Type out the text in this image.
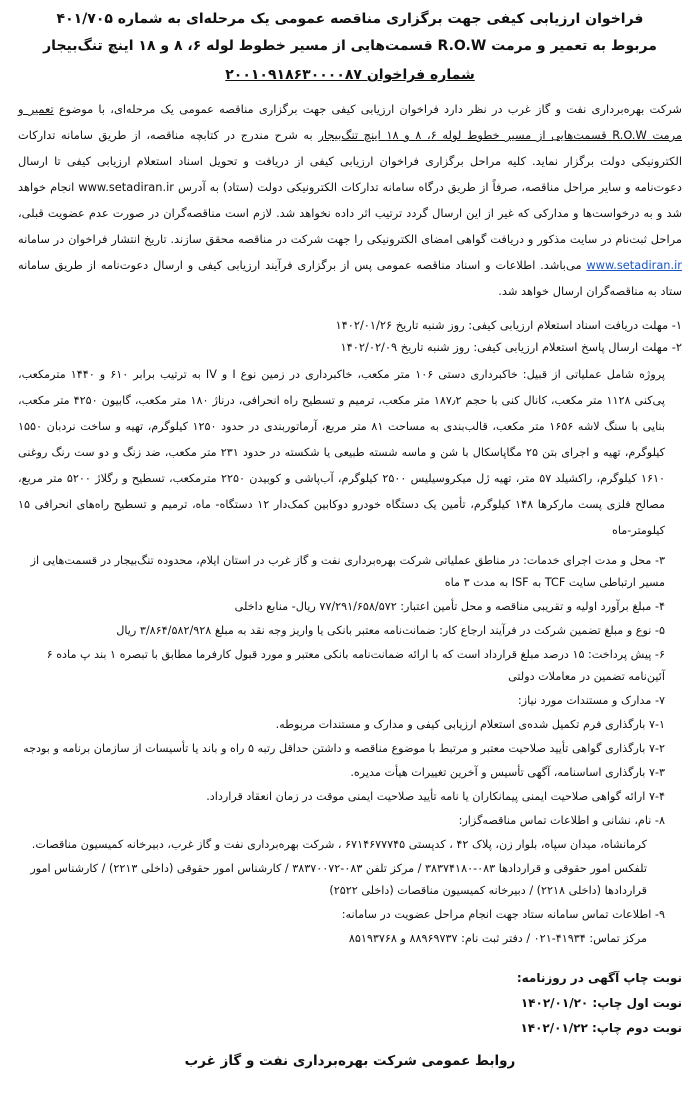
فراخوان ارزیابی کیفی جهت برگزاری مناقصه عمومی یک مرحله‌ای به شماره ۴۰۱/۷۰۵
مربوط به تعمیر و مرمت R.O.W قسمت‌هایی از مسیر خطوط لوله ۶، ۸ و ۱۸ اینچ تنگ‌بیجار
شماره فراخوان ۲۰۰۱۰۹۱۸۶۳۰۰۰۰۸۷
شرکت بهره‌برداری نفت و گاز غرب در نظر دارد فراخوان ارزیابی کیفی جهت برگزاری مناقصه عمومی یک مرحله‌ای، با موضوع تعمیر و مرمت R.O.W قسمت‌هایی از مسیر خطوط لوله ۶، ۸ و ۱۸ اینچ تنگ‌بیجار به شرح مندرج در کتابچه مناقصه، از طریق سامانه تدارکات الکترونیکی دولت برگزار نماید. کلیه مراحل برگزاری فراخوان ارزیابی کیفی از دریافت و تحویل اسناد استعلام ارزیابی کیفی تا ارسال دعوت‌نامه و سایر مراحل مناقصه، صرفاً از طریق درگاه سامانه تدارکات الکترونیکی دولت (ستاد) به آدرس www.setadiran.ir انجام خواهد شد و به درخواست‌ها و مدارکی که غیر از این ارسال گردد ترتیب اثر داده نخواهد شد. لازم است مناقصه‌گران در صورت عدم عضویت قبلی، مراحل ثبت‌نام در سایت مذکور و دریافت گواهی امضای الکترونیکی را جهت شرکت در مناقصه محقق سازند. تاریخ انتشار فراخوان در سامانه www.setadiran.ir می‌باشد. اطلاعات و اسناد مناقصه عمومی پس از برگزاری فرآیند ارزیابی کیفی و ارسال دعوت‌نامه از طریق سامانه ستاد به مناقصه‌گران ارسال خواهد شد.
۱- مهلت دریافت اسناد استعلام ارزیابی کیفی: روز شنبه تاریخ ۱۴۰۲/۰۱/۲۶
۲- مهلت ارسال پاسخ استعلام ارزیابی کیفی: روز شنبه تاریخ ۱۴۰۲/۰۲/۰۹
پروژه شامل عملیاتی از قبیل: خاکبرداری دستی ۱۰۶ متر مکعب، خاکبرداری در زمین نوع I و IV به ترتیب برابر ۶۱۰ و ۱۴۴۰ مترمکعب، پی‌کنی ۱۱۲۸ متر مکعب، کانال کنی با حجم ۱۸۷٫۲ متر مکعب، ترمیم و تسطیح راه انحرافی، درناژ ۱۸۰ متر مکعب، گابیون ۴۲۵۰ متر مکعب، بنایی با سنگ لاشه ۱۶۵۶ متر مکعب، قالب‌بندی به مساحت ۸۱ متر مربع، آرماتوربندی در حدود ۱۲۵۰ کیلوگرم، تهیه و ساخت نردبان ۱۵۵۰ کیلوگرم، تهیه و اجرای بتن ۲۵ مگاپاسکال با شن و ماسه شسته طبیعی یا شکسته در حدود ۲۳۱ متر مکعب، ضد زنگ و دو ست رنگ روغنی ۱۶۱۰ کیلوگرم، راکشیلد ۵۷ متر، تهیه ژل میکروسیلیس ۲۵۰۰ کیلوگرم، آب‌پاشی و کوبیدن ۲۲۵۰ مترمکعب، تسطیح و رگلاژ ۵۲۰۰ متر مربع، مصالح فلزی پست مارکرها ۱۴۸ کیلوگرم، تأمین یک دستگاه خودرو دوکابین کمک‌دار ۱۲ دستگاه- ماه، ترمیم و تسطیح راه‌های انحرافی ۱۵ کیلومتر-ماه
۳- محل و مدت اجرای خدمات: در مناطق عملیاتی شرکت بهره‌برداری نفت و گاز غرب در استان ایلام، محدوده تنگ‌بیجار در قسمت‌هایی از مسیر ارتباطی سایت TCF به ISF به مدت ۳ ماه
۴- مبلغ برآورد اولیه و تقریبی مناقصه و محل تأمین اعتبار: ۷۷/۲۹۱/۶۵۸/۵۷۲ ریال- منابع داخلی
۵- نوع و مبلغ تضمین شرکت در فرآیند ارجاع کار: ضمانت‌نامه معتبر بانکی یا واریز وجه نقد به مبلغ ۳/۸۶۴/۵۸۲/۹۲۸ ریال
۶- پیش پرداخت: ۱۵ درصد مبلغ قرارداد است که با ارائه ضمانت‌نامه بانکی معتبر و مورد قبول کارفرما مطابق با تبصره ۱ بند پ ماده ۶ آئین‌نامه تضمین در معاملات دولتی
۷- مدارک و مستندات مورد نیاز:
۷-۱ بارگذاری فرم تکمیل شده‌ی استعلام ارزیابی کیفی و مدارک و مستندات مربوطه.
۷-۲ بارگذاری گواهی تأیید صلاحیت معتبر و مرتبط با موضوع مناقصه و داشتن حداقل رتبه ۵ راه و باند یا تأسیسات از سازمان برنامه و بودجه
۷-۳ بارگذاری اساسنامه، آگهی تأسیس و آخرین تغییرات هیأت مدیره.
۷-۴ ارائه گواهی صلاحیت ایمنی پیمانکاران یا نامه تأیید صلاحیت ایمنی موقت در زمان انعقاد قرارداد.
۸- نام، نشانی و اطلاعات تماس مناقصه‌گزار:
کرمانشاه، میدان سپاه، بلوار زن، پلاک ۴۲ ، کدپستی ۶۷۱۴۶۷۷۷۴۵ ، شرکت بهره‌برداری نفت و گاز غرب، دبیرخانه کمیسیون مناقصات.
تلفکس امور حقوقی و قراردادها ۰۸۳-۳۸۳۷۴۱۸۰ / مرکز تلفن ۰۸۳-۳۸۳۷۰۰۷۲ / کارشناس امور حقوقی (داخلی ۲۲۱۳) / کارشناس امور قراردادها (داخلی ۲۲۱۸) / دبیرخانه کمیسیون مناقصات (داخلی ۲۵۲۲)
۹- اطلاعات تماس سامانه ستاد جهت انجام مراحل عضویت در سامانه:
مرکز تماس: ۴۱۹۳۴-۰۲۱ / دفتر ثبت نام: ۸۸۹۶۹۷۳۷ و ۸۵۱۹۳۷۶۸
نوبت چاپ آگهی در روزنامه:
نوبت اول چاپ: ۱۴۰۲/۰۱/۲۰
نوبت دوم چاپ: ۱۴۰۲/۰۱/۲۲
روابط عمومی شرکت بهره‌برداری نفت و گاز غرب
